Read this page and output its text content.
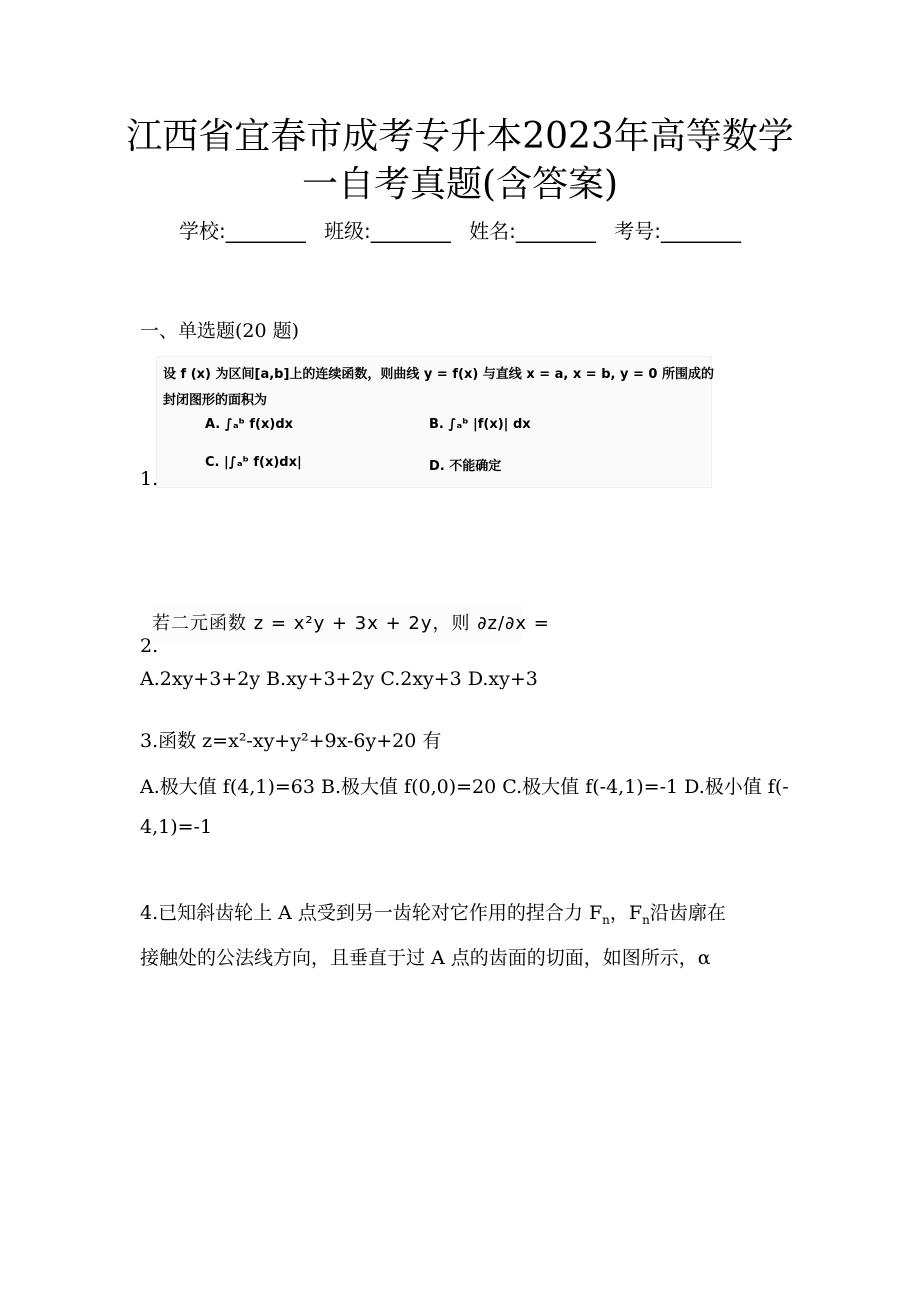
江西省宜春市成考专升本2023年高等数学
一自考真题(含答案)
学校:________ 班级:________ 姓名:________ 考号:________
一、单选题(20 题)
设 f (x) 为区间[a,b]上的连续函数，则曲线 y = f(x) 与直线 x = a, x = b, y = 0 所围成的
封闭图形的面积为
A. ∫ₐᵇ f(x)dx	B. ∫ₐᵇ |f(x)| dx
C. |∫ₐᵇ f(x)dx|	D. 不能确定
1.
若二元函数 z = x²y + 3x + 2y，则 ∂z/∂x =
2.
A.2xy+3+2y B.xy+3+2y C.2xy+3 D.xy+3
3.函数 z=x²-xy+y²+9x-6y+20 有
A.极大值 f(4,1)=63 B.极大值 f(0,0)=20 C.极大值 f(-4,1)=-1 D.极小值 f(-
4,1)=-1
4.已知斜齿轮上 A 点受到另一齿轮对它作用的捏合力 $F_n$，$F_n$沿齿廓在
接触处的公法线方向，且垂直于过 A 点的齿面的切面，如图所示，α
